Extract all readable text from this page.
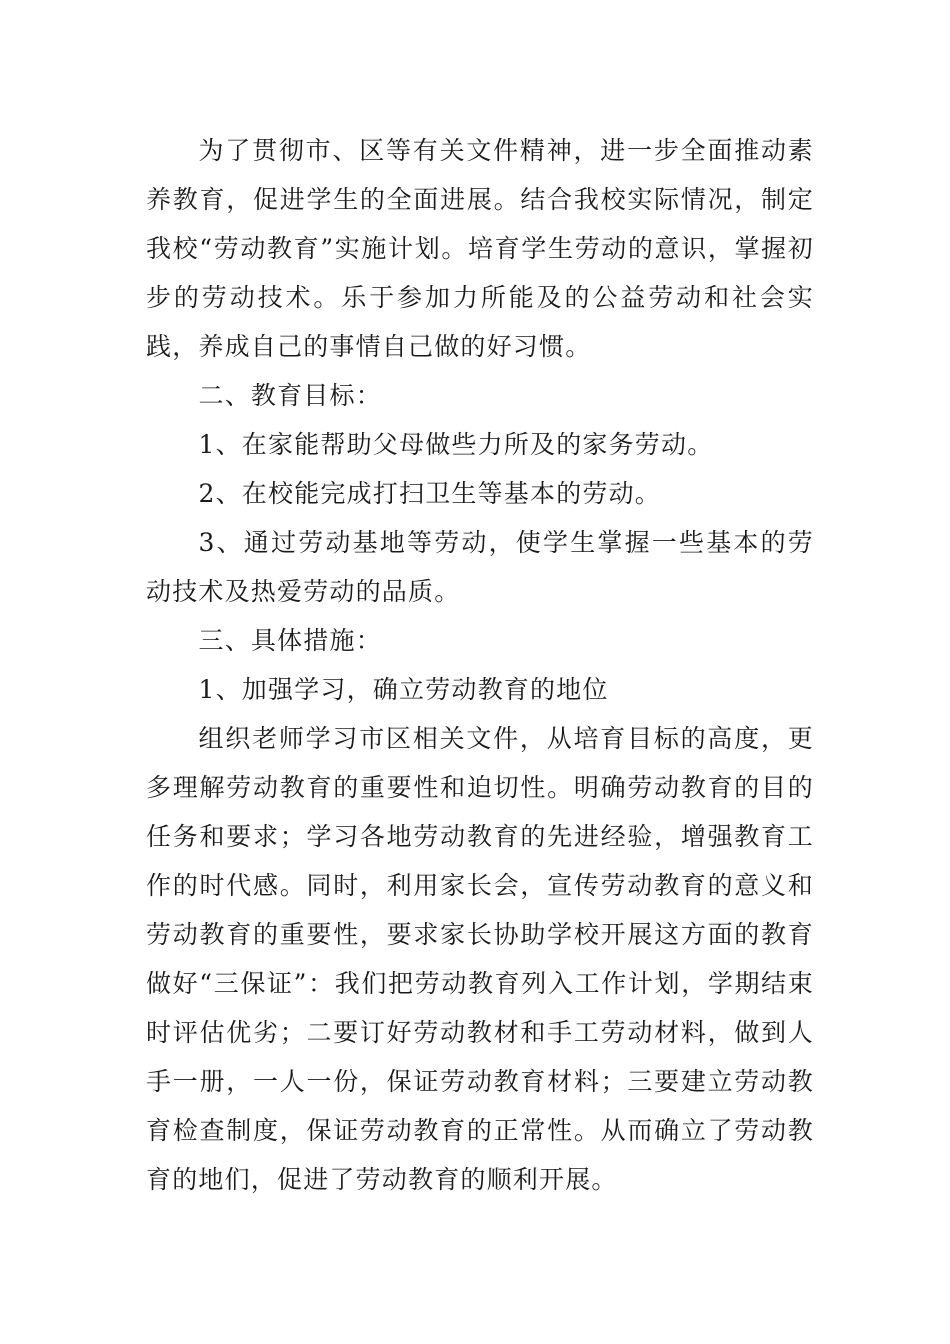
为了贯彻市、区等有关文件精神，进一步全面推动素养教育，促进学生的全面进展。结合我校实际情况，制定我校“劳动教育”实施计划。培育学生劳动的意识，掌握初步的劳动技术。乐于参加力所能及的公益劳动和社会实践，养成自己的事情自己做的好习惯。

二、教育目标：

1、在家能帮助父母做些力所及的家务劳动。

2、在校能完成打扫卫生等基本的劳动。

3、通过劳动基地等劳动，使学生掌握一些基本的劳动技术及热爱劳动的品质。

三、具体措施：

1、加强学习，确立劳动教育的地位

组织老师学习市区相关文件，从培育目标的高度，更多理解劳动教育的重要性和迫切性。明确劳动教育的目的任务和要求；学习各地劳动教育的先进经验，增强教育工作的时代感。同时，利用家长会，宣传劳动教育的意义和劳动教育的重要性，要求家长协助学校开展这方面的教育做好“三保证”：我们把劳动教育列入工作计划，学期结束时评估优劣；二要订好劳动教材和手工劳动材料，做到人手一册，一人一份，保证劳动教育材料；三要建立劳动教育检查制度，保证劳动教育的正常性。从而确立了劳动教育的地们，促进了劳动教育的顺利开展。
